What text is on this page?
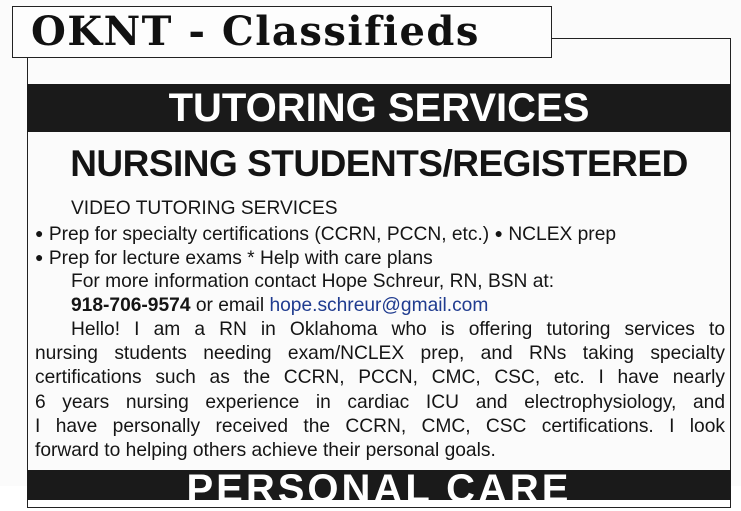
OKNT - Classifieds
TUTORING SERVICES
NURSING STUDENTS/REGISTERED
VIDEO TUTORING SERVICES
● Prep for specialty certifications (CCRN, PCCN, etc.) ● NCLEX prep
● Prep for lecture exams * Help with care plans
For more information contact Hope Schreur, RN, BSN at:
918-706-9574 or email hope.schreur@gmail.com
Hello! I am a RN in Oklahoma who is offering tutoring services to
nursing students needing exam/NCLEX prep, and RNs taking specialty
certifications such as the CCRN, PCCN, CMC, CSC, etc. I have nearly
6 years nursing experience in cardiac ICU and electrophysiology, and
I have personally received the CCRN, CMC, CSC certifications. I look
forward to helping others achieve their personal goals.
PERSONAL CARE
